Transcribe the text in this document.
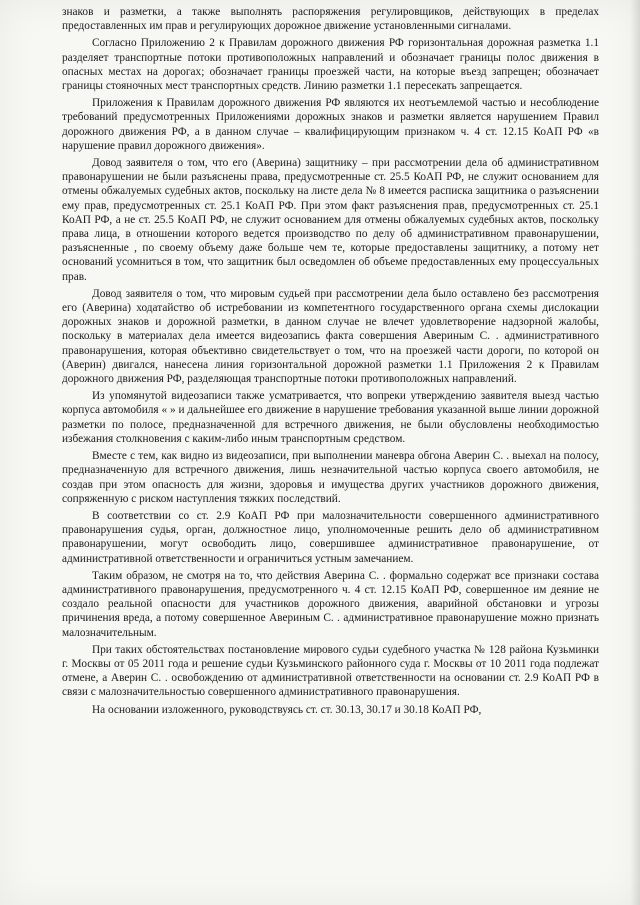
знаков и разметки, а также выполнять распоряжения регулировщиков, действующих в пределах предоставленных им прав и регулирующих дорожное движение установленными сигналами.

Согласно Приложению 2 к Правилам дорожного движения РФ горизонтальная дорожная разметка 1.1 разделяет транспортные потоки противоположных направлений и обозначает границы полос движения в опасных местах на дорогах; обозначает границы проезжей части, на которые въезд запрещен; обозначает границы стояночных мест транспортных средств. Линию разметки 1.1 пересекать запрещается.

Приложения к Правилам дорожного движения РФ являются их неотъемлемой частью и несоблюдение требований предусмотренных Приложениями дорожных знаков и разметки является нарушением Правил дорожного движения РФ, а в данном случае – квалифицирующим признаком ч. 4 ст. 12.15 КоАП РФ «в нарушение правил дорожного движения».

Довод заявителя о том, что его (Аверина) защитнику – при рассмотрении дела об административном правонарушении не были разъяснены права, предусмотренные ст. 25.5 КоАП РФ, не служит основанием для отмены обжалуемых судебных актов, поскольку на листе дела № 8 имеется расписка защитника о разъяснении ему прав, предусмотренных ст. 25.1 КоАП РФ. При этом факт разъяснения прав, предусмотренных ст. 25.1 КоАП РФ, а не ст. 25.5 КоАП РФ, не служит основанием для отмены обжалуемых судебных актов, поскольку права лица, в отношении которого ведется производство по делу об административном правонарушении, разъясненные , по своему объему даже больше чем те, которые предоставлены защитнику, а потому нет оснований усомниться в том, что защитник был осведомлен об объеме предоставленных ему процессуальных прав.

Довод заявителя о том, что мировым судьей при рассмотрении дела было оставлено без рассмотрения его (Аверина) ходатайство об истребовании из компетентного государственного органа схемы дислокации дорожных знаков и дорожной разметки, в данном случае не влечет удовлетворение надзорной жалобы, поскольку в материалах дела имеется видеозапись факта совершения Авериным С. . административного правонарушения, которая объективно свидетельствует о том, что на проезжей части дороги, по которой он (Аверин) двигался, нанесена линия горизонтальной дорожной разметки 1.1 Приложения 2 к Правилам дорожного движения РФ, разделяющая транспортные потоки противоположных направлений.

Из упомянутой видеозаписи также усматривается, что вопреки утверждению заявителя выезд частью корпуса автомобиля « » и дальнейшее его движение в нарушение требования указанной выше линии дорожной разметки по полосе, предназначенной для встречного движения, не были обусловлены необходимостью избежания столкновения с каким-либо иным транспортным средством.

Вместе с тем, как видно из видеозаписи, при выполнении маневра обгона Аверин С. . выехал на полосу, предназначенную для встречного движения, лишь незначительной частью корпуса своего автомобиля, не создав при этом опасность для жизни, здоровья и имущества других участников дорожного движения, сопряженную с риском наступления тяжких последствий.

В соответствии со ст. 2.9 КоАП РФ при малозначительности совершенного административного правонарушения судья, орган, должностное лицо, уполномоченные решить дело об административном правонарушении, могут освободить лицо, совершившее административное правонарушение, от административной ответственности и ограничиться устным замечанием.

Таким образом, не смотря на то, что действия Аверина С. . формально содержат все признаки состава административного правонарушения, предусмотренного ч. 4 ст. 12.15 КоАП РФ, совершенное им деяние не создало реальной опасности для участников дорожного движения, аварийной обстановки и угрозы причинения вреда, а потому совершенное Авериным С. . административное правонарушение можно признать малозначительным.

При таких обстоятельствах постановление мирового судьи судебного участка № 128 района Кузьминки г. Москвы от 05 2011 года и решение судьи Кузьминского районного суда г. Москвы от 10 2011 года подлежат отмене, а Аверин С. . освобождению от административной ответственности на основании ст. 2.9 КоАП РФ в связи с малозначительностью совершенного административного правонарушения.

На основании изложенного, руководствуясь ст. ст. 30.13, 30.17 и 30.18 КоАП РФ,
